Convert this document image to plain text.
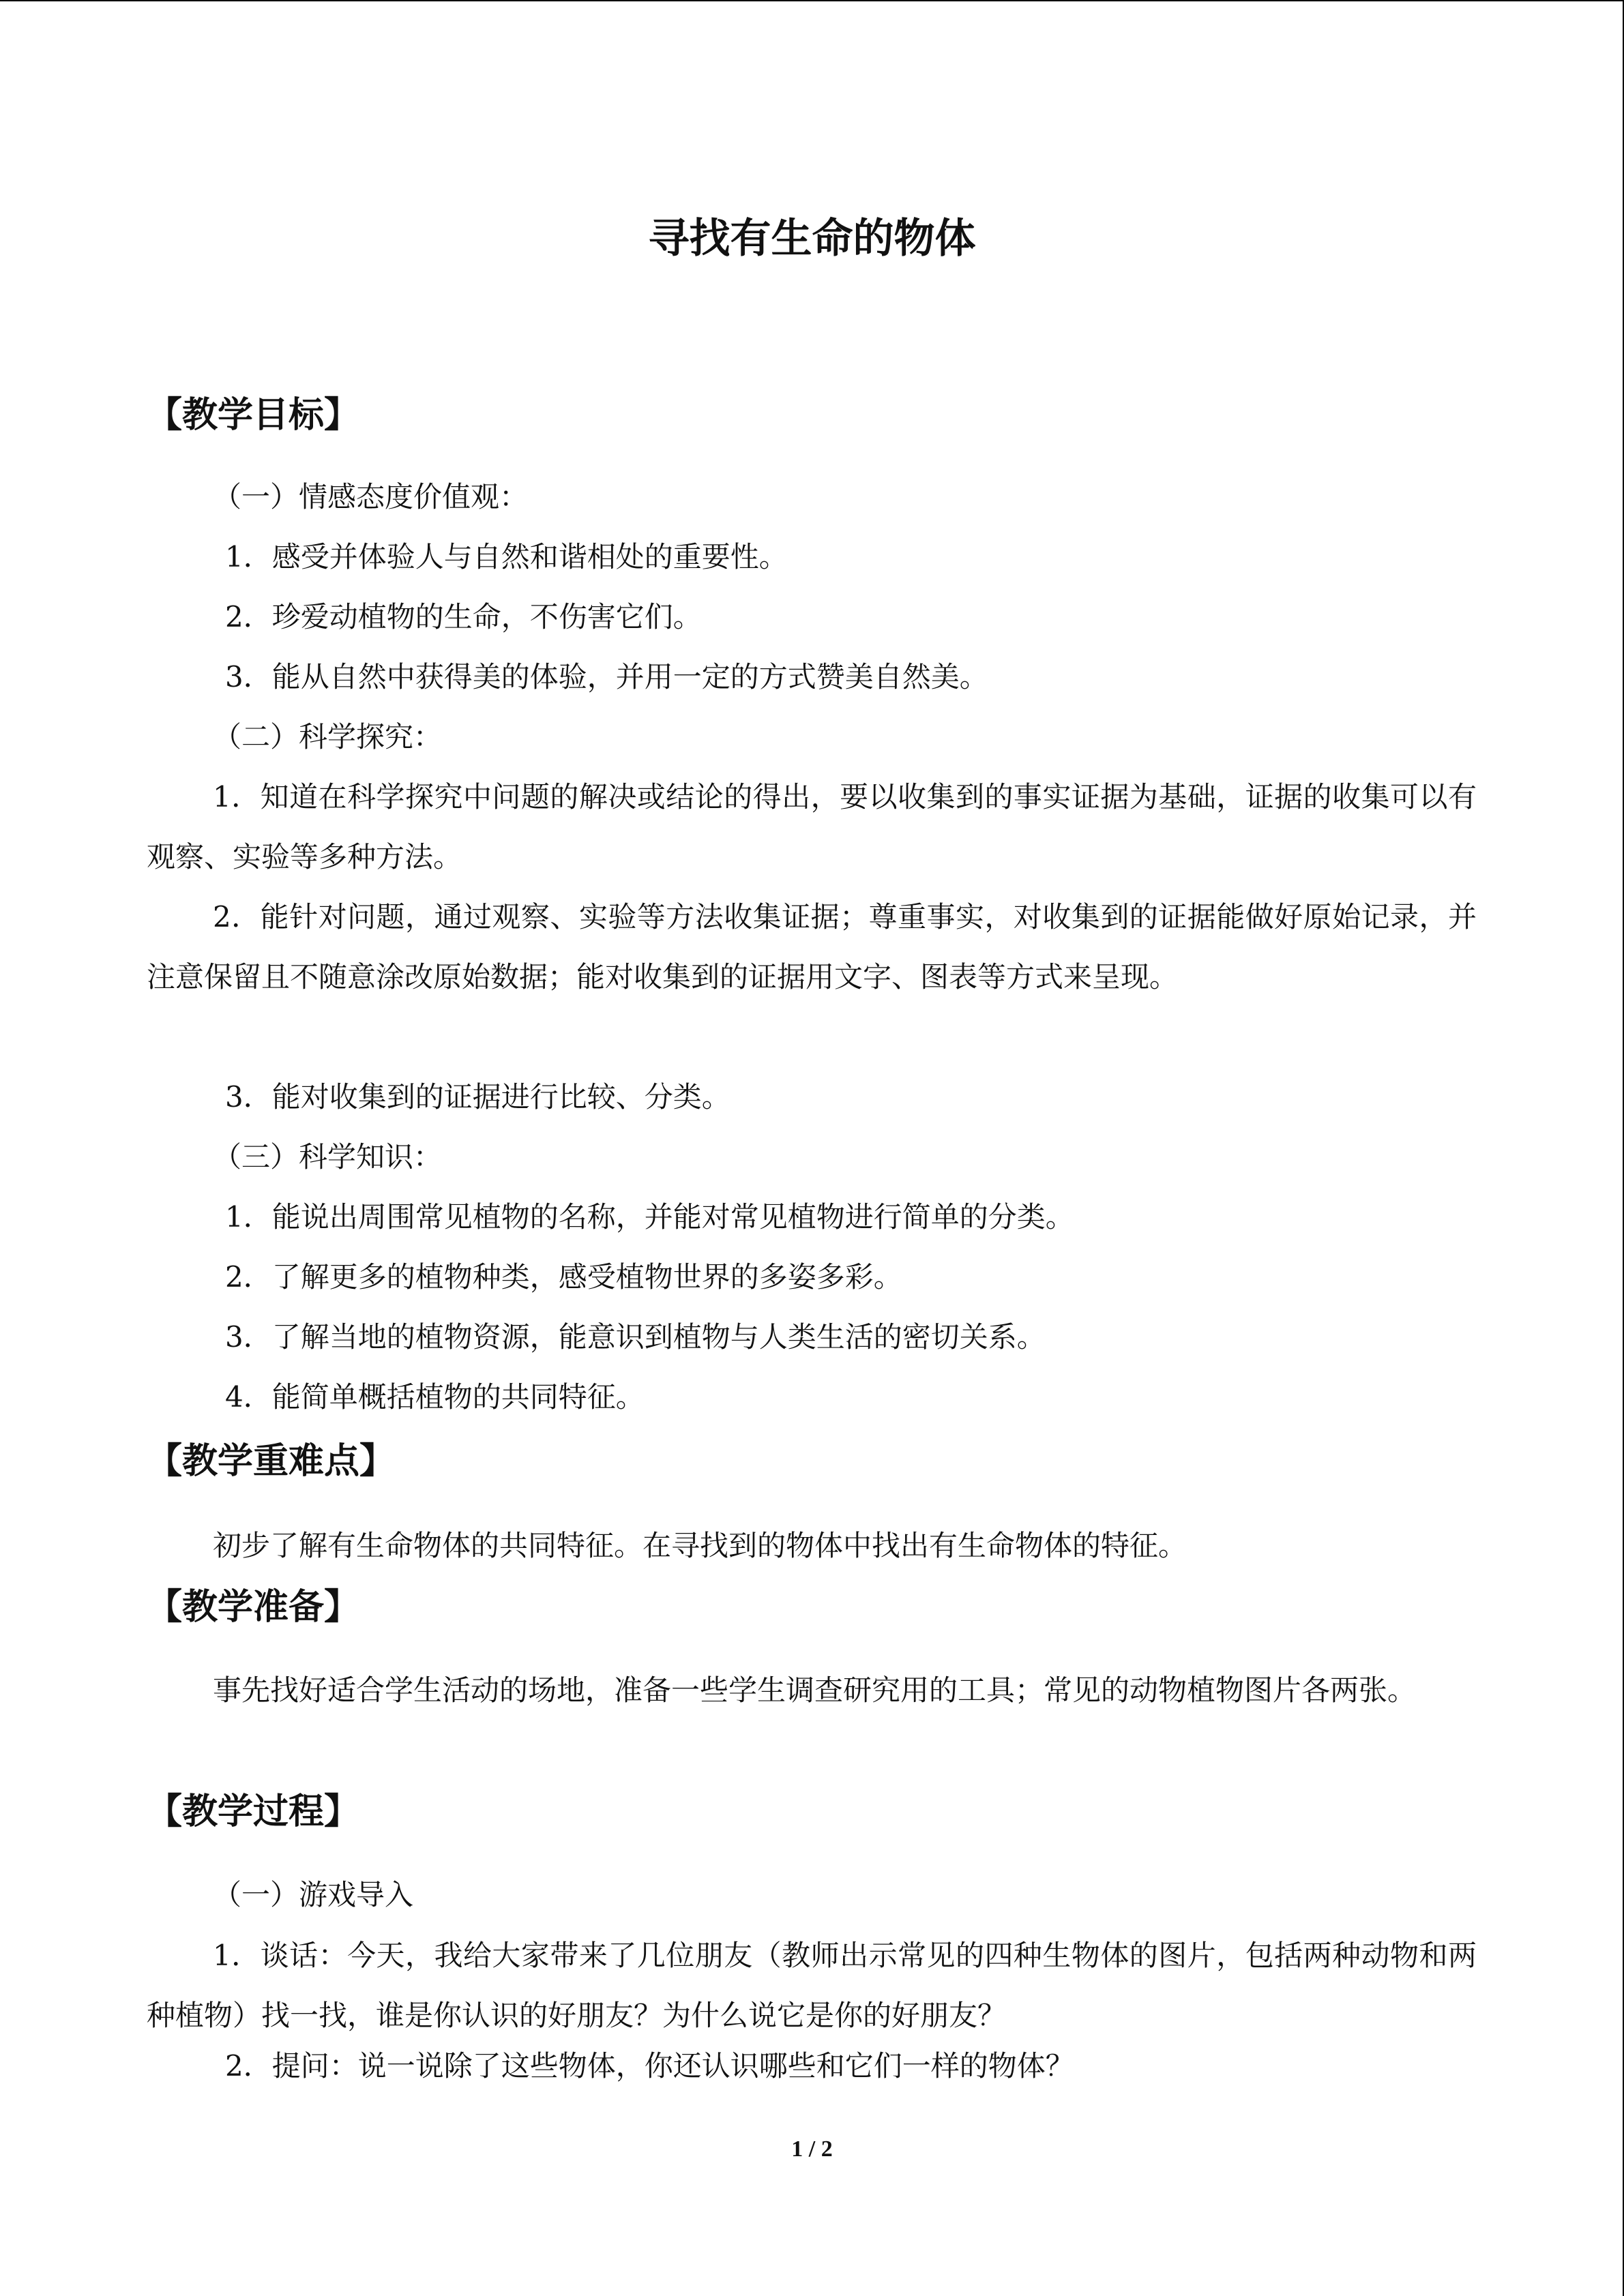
寻找有生命的物体
【教学目标】

（一）情感态度价值观：

1．感受并体验人与自然和谐相处的重要性。

2．珍爱动植物的生命，不伤害它们。

3．能从自然中获得美的体验，并用一定的方式赞美自然美。

（二）科学探究：

1．知道在科学探究中问题的解决或结论的得出，要以收集到的事实证据为基础，证据的收集可以有观察、实验等多种方法。

2．能针对问题，通过观察、实验等方法收集证据；尊重事实，对收集到的证据能做好原始记录，并注意保留且不随意涂改原始数据；能对收集到的证据用文字、图表等方式来呈现。

3．能对收集到的证据进行比较、分类。

（三）科学知识：

1．能说出周围常见植物的名称，并能对常见植物进行简单的分类。

2．了解更多的植物种类，感受植物世界的多姿多彩。

3．了解当地的植物资源，能意识到植物与人类生活的密切关系。

4．能简单概括植物的共同特征。

【教学重难点】

初步了解有生命物体的共同特征。在寻找到的物体中找出有生命物体的特征。

【教学准备】

事先找好适合学生活动的场地，准备一些学生调查研究用的工具；常见的动物植物图片各两张。

【教学过程】

（一）游戏导入

1．谈话：今天，我给大家带来了几位朋友（教师出示常见的四种生物体的图片，包括两种动物和两种植物）找一找，谁是你认识的好朋友？为什么说它是你的好朋友？

2．提问：说一说除了这些物体，你还认识哪些和它们一样的物体？

1 / 2
